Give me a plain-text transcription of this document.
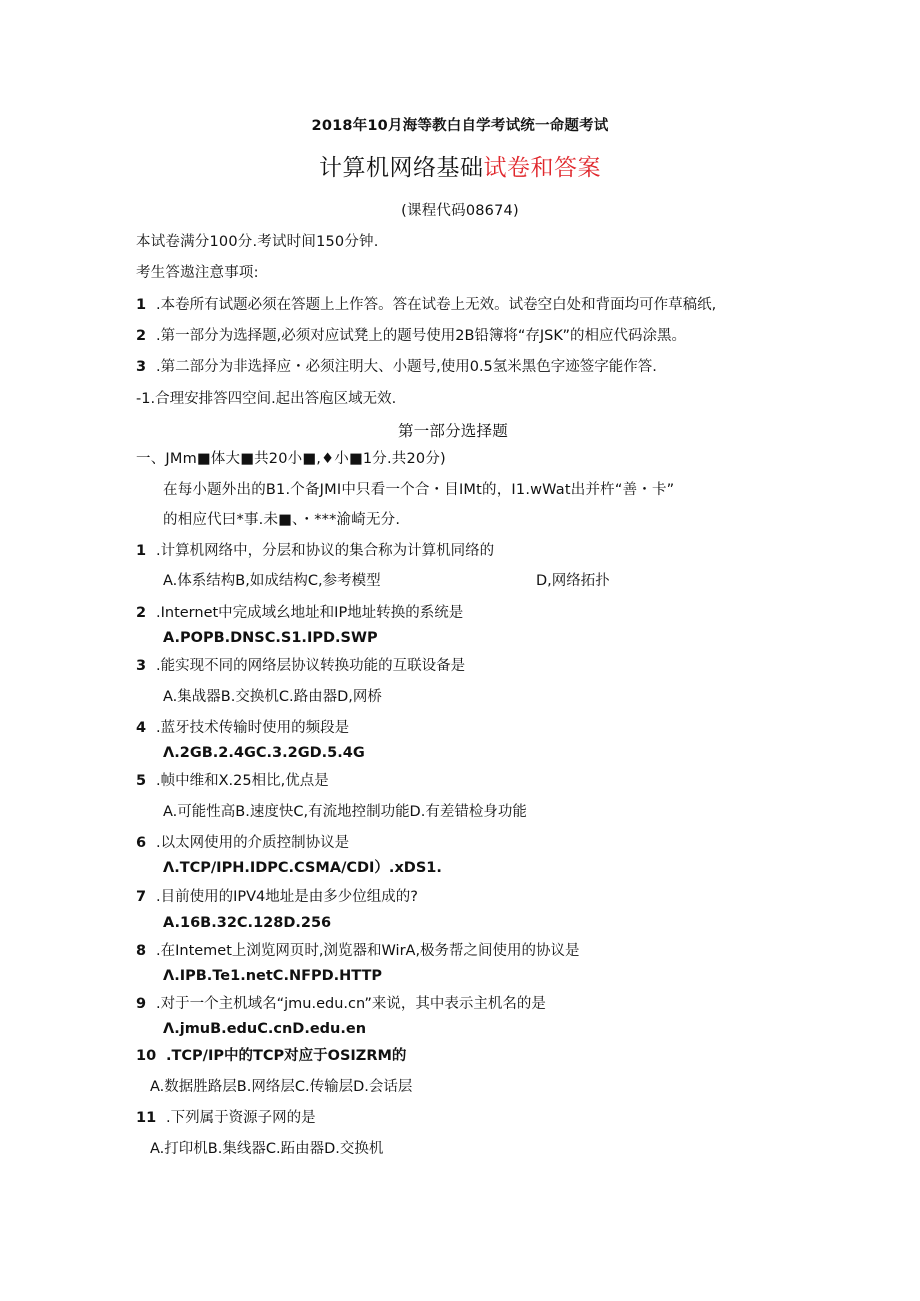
2018年10月海等教白自学考试统一命题考试
计算机网络基础试卷和答案
(课程代码08674)
本试卷满分100分.考试时间150分钟.
考生答遨注意事项:
1 .本卷所有试题必须在答题上上作答。答在试卷上无效。试卷空白处和背面均可作草稿纸,
2 .第一部分为选择题,必须对应试凳上的题号使用2B铅簿将“存JSK”的相应代码涂黑。
3 .第二部分为非选择应・必须注明大、小题号,使用0.5氢米黑色字迹签字能作答.
-1.合理安排答四空间.起出答庖区域无效.
第一部分选择题
一、JMm■体大■共20小■,♦小■1分.共20分)
在每小题外出的B1.个备JMI中只看一个合・目IMt的，I1.wWat出并杵“善・卡”
的相应代曰*事.未■、・***渝崎无分.
1 .计算机网络中，分层和协议的集合称为计算机同络的
A.体系结构B,如成结构C,参考模型	D,网络拓扑
2 .Internet中完成域幺地址和IP地址转换的系统是
A.POPB.DNSC.S1.IPD.SWP
3 .能实现不同的网络层协议转换功能的互联设备是
A.集战器B.交换机C.路由器D,网桥
4 .蓝牙技术传输时使用的频段是
Λ.2GB.2.4GC.3.2GD.5.4G
5 .帧中维和X.25相比,优点是
A.可能性高B.速度快C,有流地控制功能D.有差错检身功能
6 .以太网使用的介质控制协议是
Λ.TCP/IPH.IDPC.CSMA/CDI）.xDS1.
7 .目前使用的IPV4地址是由多少位组成的?
A.16B.32C.128D.256
8 .在Intemet上浏览网页时,浏览器和WirA,极务帮之间使用的协议是
Λ.IPB.Te1.netC.NFPD.HTTP
9 .对于一个主机域名“jmu.edu.cn”来说，其中表示主机名的是
Λ.jmuB.eduC.cnD.edu.en
10 .TCP/IP中的TCP对应于OSIZRM的
A.数据胜路层B.网络层C.传输层D.会话层
11 .下列属于资源子网的是
A.打印机B.集线器C.跖由器D.交换机
